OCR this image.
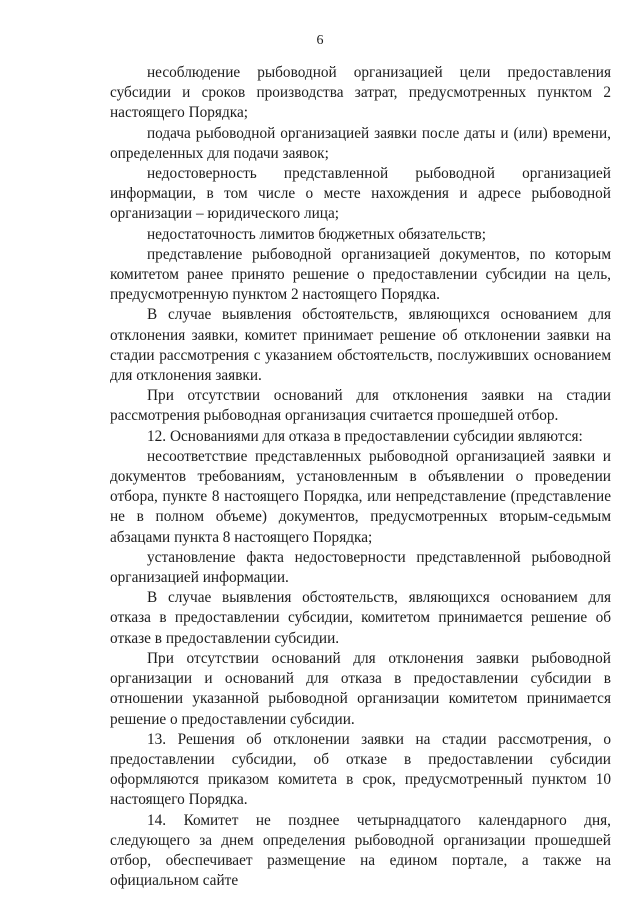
6

несоблюдение рыбоводной организацией цели предоставления субсидии и сроков производства затрат, предусмотренных пунктом 2 настоящего Порядка;

подача рыбоводной организацией заявки после даты и (или) времени, определенных для подачи заявок;

недостоверность представленной рыбоводной организацией информации, в том числе о месте нахождения и адресе рыбоводной организации – юридического лица;

недостаточность лимитов бюджетных обязательств;

представление рыбоводной организацией документов, по которым комитетом ранее принято решение о предоставлении субсидии на цель, предусмотренную пунктом 2 настоящего Порядка.

В случае выявления обстоятельств, являющихся основанием для отклонения заявки, комитет принимает решение об отклонении заявки на стадии рассмотрения с указанием обстоятельств, послуживших основанием для отклонения заявки.

При отсутствии оснований для отклонения заявки на стадии рассмотрения рыбоводная организация считается прошедшей отбор.

12. Основаниями для отказа в предоставлении субсидии являются:

несоответствие представленных рыбоводной организацией заявки и документов требованиям, установленным в объявлении о проведении отбора, пункте 8 настоящего Порядка, или непредставление (представление не в полном объеме) документов, предусмотренных вторым-седьмым абзацами пункта 8 настоящего Порядка;

установление факта недостоверности представленной рыбоводной организацией информации.

В случае выявления обстоятельств, являющихся основанием для отказа в предоставлении субсидии, комитетом принимается решение об отказе в предоставлении субсидии.

При отсутствии оснований для отклонения заявки рыбоводной организации и оснований для отказа в предоставлении субсидии в отношении указанной рыбоводной организации комитетом принимается решение о предоставлении субсидии.

13. Решения об отклонении заявки на стадии рассмотрения, о предоставлении субсидии, об отказе в предоставлении субсидии оформляются приказом комитета в срок, предусмотренный пунктом 10 настоящего Порядка.

14. Комитет не позднее четырнадцатого календарного дня, следующего за днем определения рыбоводной организации прошедшей отбор, обеспечивает размещение на едином портале, а также на официальном сайте
